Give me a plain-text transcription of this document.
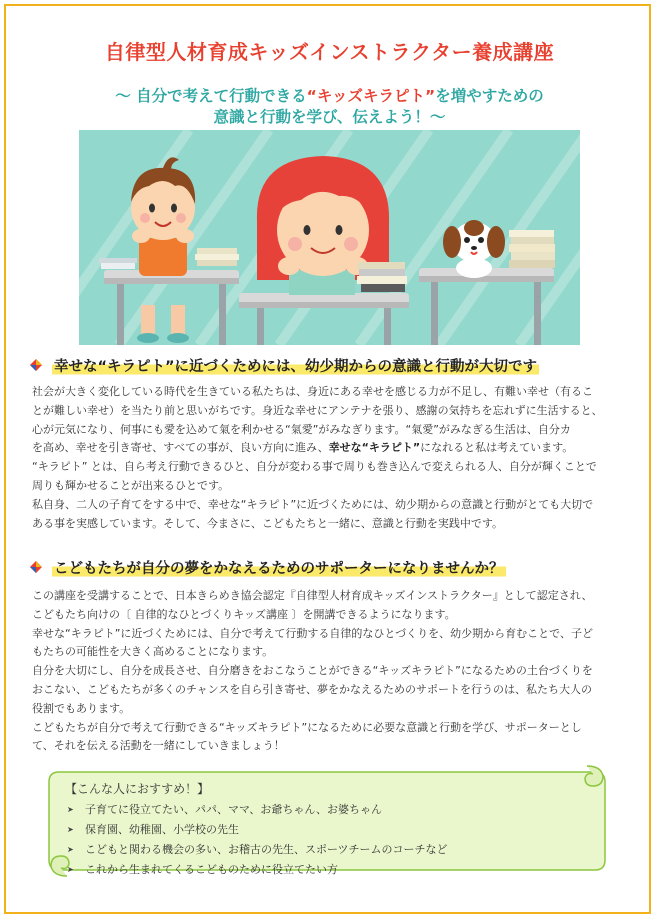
自律型人材育成キッズインストラクター養成講座
～ 自分で考えて行動できる“キッズキラピト”を増やすための
意識と行動を学び、伝えよう！～
幸せな“キラピト”に近づくためには、幼少期からの意識と行動が大切です

社会が大きく変化している時代を生きている私たちは、身近にある幸せを感じる力が不足し、有難い幸せ（有るこ

とが難しい幸せ）を当たり前と思いがちです。身近な幸せにアンテナを張り、感謝の気持ちを忘れずに生活すると、

心が元気になり、何事にも愛を込めて氣を利かせる“氣愛”がみなぎります。“氣愛”がみなぎる生活は、自分カ

を高め、幸せを引き寄せ、すべての事が、良い方向に進み、幸せな“キラピト”になれると私は考えています。

“キラピト” とは、自ら考え行動できるひと、自分が変わる事で周りも巻き込んで変えられる人、自分が輝くことで

周りも輝かせることが出来るひとです。

私自身、二人の子育てをする中で、幸せな“キラピト”に近づくためには、幼少期からの意識と行動がとても大切で

ある事を実感しています。そして、今まさに、こどもたちと一緒に、意識と行動を実践中です。

こどもたちが自分の夢をかなえるためのサポーターになりませんか？

この講座を受講することで、日本きらめき協会認定『自律型人材育成キッズインストラクター』として認定され、

こどもたち向けの〔 自律的なひとづくりキッズ講座 〕を開講できるようになります。

幸せな“キラピト”に近づくためには、自分で考えて行動する自律的なひとづくりを、幼少期から育むことで、子ど

もたちの可能性を大きく高めることになります。

自分を大切にし、自分を成長させ、自分磨きをおこなうことができる“キッズキラピト”になるための土台づくりを

おこない、こどもたちが多くのチャンスを自ら引き寄せ、夢をかなえるためのサポートを行うのは、私たち大人の

役割でもあります。

こどもたちが自分で考えて行動できる“キッズキラピト”になるために必要な意識と行動を学び、サポーターとし

て、それを伝える活動を一緒にしていきましょう！

【こんな人におすすめ！】
➤	子育てに役立てたい、パパ、ママ、お爺ちゃん、お婆ちゃん
➤	保育園、幼稚園、小学校の先生
➤	こどもと関わる機会の多い、お稽古の先生、スポーツチームのコーチなど
➤	これから生まれてくるこどものために役立てたい方
